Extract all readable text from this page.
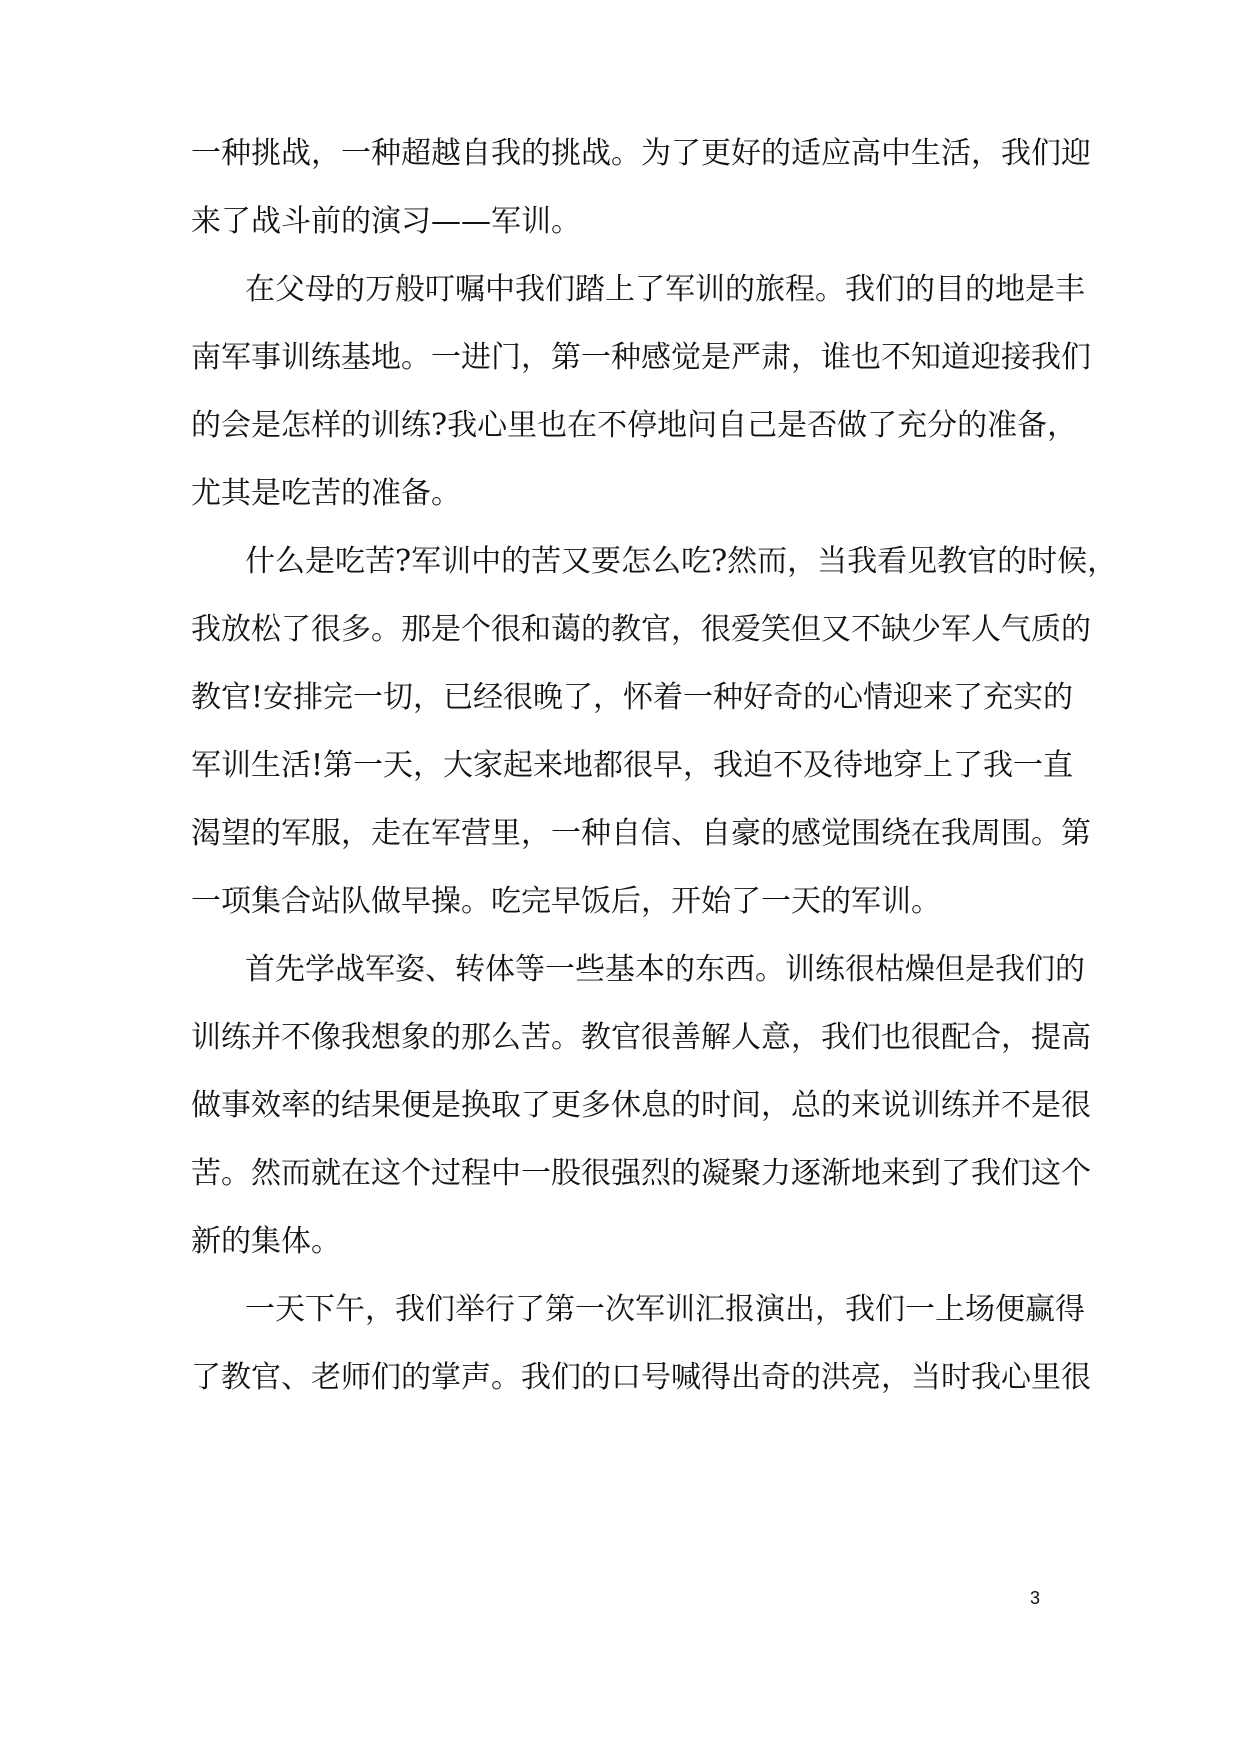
一种挑战，一种超越自我的挑战。为了更好的适应高中生活，我们迎
来了战斗前的演习——军训。
在父母的万般叮嘱中我们踏上了军训的旅程。我们的目的地是丰
南军事训练基地。一进门，第一种感觉是严肃，谁也不知道迎接我们
的会是怎样的训练?我心里也在不停地问自己是否做了充分的准备，
尤其是吃苦的准备。
什么是吃苦?军训中的苦又要怎么吃?然而，当我看见教官的时候，
我放松了很多。那是个很和蔼的教官，很爱笑但又不缺少军人气质的
教官!安排完一切，已经很晚了，怀着一种好奇的心情迎来了充实的
军训生活!第一天，大家起来地都很早，我迫不及待地穿上了我一直
渴望的军服，走在军营里，一种自信、自豪的感觉围绕在我周围。第
一项集合站队做早操。吃完早饭后，开始了一天的军训。
首先学战军姿、转体等一些基本的东西。训练很枯燥但是我们的
训练并不像我想象的那么苦。教官很善解人意，我们也很配合，提高
做事效率的结果便是换取了更多休息的时间，总的来说训练并不是很
苦。然而就在这个过程中一股很强烈的凝聚力逐渐地来到了我们这个
新的集体。
一天下午，我们举行了第一次军训汇报演出，我们一上场便赢得
了教官、老师们的掌声。我们的口号喊得出奇的洪亮，当时我心里很
3
